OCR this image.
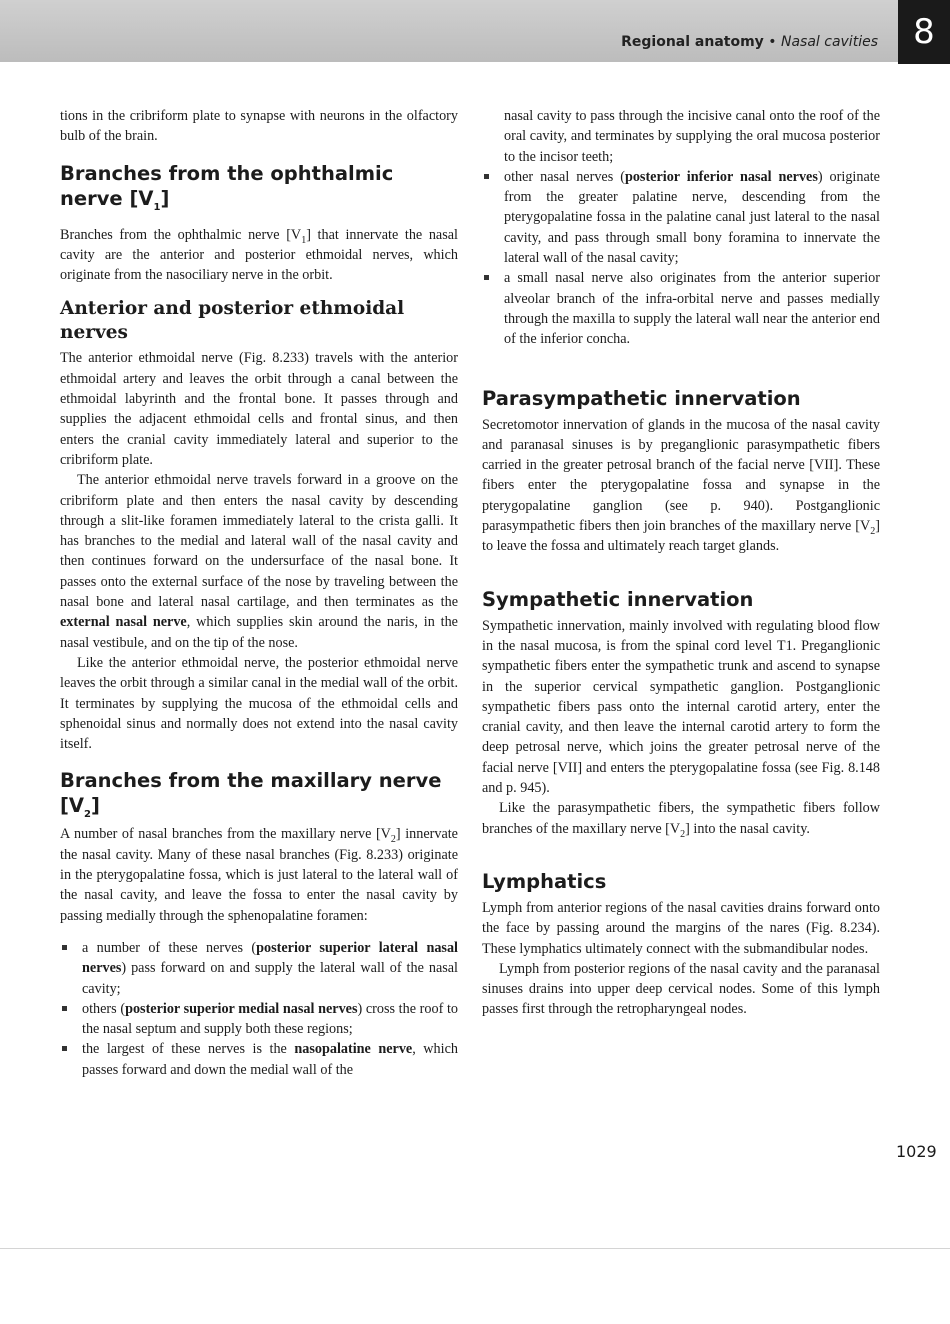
Regional anatomy • Nasal cavities	8

tions in the cribriform plate to synapse with neurons in the olfactory bulb of the brain.

Branches from the ophthalmic
nerve $[V_1]$

Branches from the ophthalmic nerve $[V_1]$ that innervate the nasal cavity are the anterior and posterior ethmoidal nerves, which originate from the nasociliary nerve in the orbit.

Anterior and posterior ethmoidal nerves

The anterior ethmoidal nerve (Fig. 8.233) travels with the anterior ethmoidal artery and leaves the orbit through a canal between the ethmoidal labyrinth and the frontal bone. It passes through and supplies the adjacent ethmoidal cells and frontal sinus, and then enters the cranial cavity immediately lateral and superior to the cribriform plate.

The anterior ethmoidal nerve travels forward in a groove on the cribriform plate and then enters the nasal cavity by descending through a slit-like foramen immediately lateral to the crista galli. It has branches to the medial and lateral wall of the nasal cavity and then continues forward on the undersurface of the nasal bone. It passes onto the external surface of the nose by traveling between the nasal bone and lateral nasal cartilage, and then terminates as the external nasal nerve, which supplies skin around the naris, in the nasal vestibule, and on the tip of the nose.

Like the anterior ethmoidal nerve, the posterior ethmoidal nerve leaves the orbit through a similar canal in the medial wall of the orbit. It terminates by supplying the mucosa of the ethmoidal cells and sphenoidal sinus and normally does not extend into the nasal cavity itself.

Branches from the maxillary nerve $[V_2]$

A number of nasal branches from the maxillary nerve $[V_2]$ innervate the nasal cavity. Many of these nasal branches (Fig. 8.233) originate in the pterygopalatine fossa, which is just lateral to the lateral wall of the nasal cavity, and leave the fossa to enter the nasal cavity by passing medially through the sphenopalatine foramen:

a number of these nerves (posterior superior lateral nasal nerves) pass forward on and supply the lateral wall of the nasal cavity;
others (posterior superior medial nasal nerves) cross the roof to the nasal septum and supply both these regions;
the largest of these nerves is the nasopalatine nerve, which passes forward and down the medial wall of the

nasal cavity to pass through the incisive canal onto the roof of the oral cavity, and terminates by supplying the oral mucosa posterior to the incisor teeth;

other nasal nerves (posterior inferior nasal nerves) originate from the greater palatine nerve, descending from the pterygopalatine fossa in the palatine canal just lateral to the nasal cavity, and pass through small bony foramina to innervate the lateral wall of the nasal cavity;
a small nasal nerve also originates from the anterior superior alveolar branch of the infra-orbital nerve and passes medially through the maxilla to supply the lateral wall near the anterior end of the inferior concha.
Parasympathetic innervation

Secretomotor innervation of glands in the mucosa of the nasal cavity and paranasal sinuses is by preganglionic parasympathetic fibers carried in the greater petrosal branch of the facial nerve [VII]. These fibers enter the pterygopalatine fossa and synapse in the pterygopalatine ganglion (see p. 940). Postganglionic parasympathetic fibers then join branches of the maxillary nerve $[V_2]$ to leave the fossa and ultimately reach target glands.

Sympathetic innervation

Sympathetic innervation, mainly involved with regulating blood flow in the nasal mucosa, is from the spinal cord level T1. Preganglionic sympathetic fibers enter the sympathetic trunk and ascend to synapse in the superior cervical sympathetic ganglion. Postganglionic sympathetic fibers pass onto the internal carotid artery, enter the cranial cavity, and then leave the internal carotid artery to form the deep petrosal nerve, which joins the greater petrosal nerve of the facial nerve [VII] and enters the pterygopalatine fossa (see Fig. 8.148 and p. 945).

Like the parasympathetic fibers, the sympathetic fibers follow branches of the maxillary nerve $[V_2]$ into the nasal cavity.

Lymphatics

Lymph from anterior regions of the nasal cavities drains forward onto the face by passing around the margins of the nares (Fig. 8.234). These lymphatics ultimately connect with the submandibular nodes.

Lymph from posterior regions of the nasal cavity and the paranasal sinuses drains into upper deep cervical nodes. Some of this lymph passes first through the retropharyngeal nodes.

1029
